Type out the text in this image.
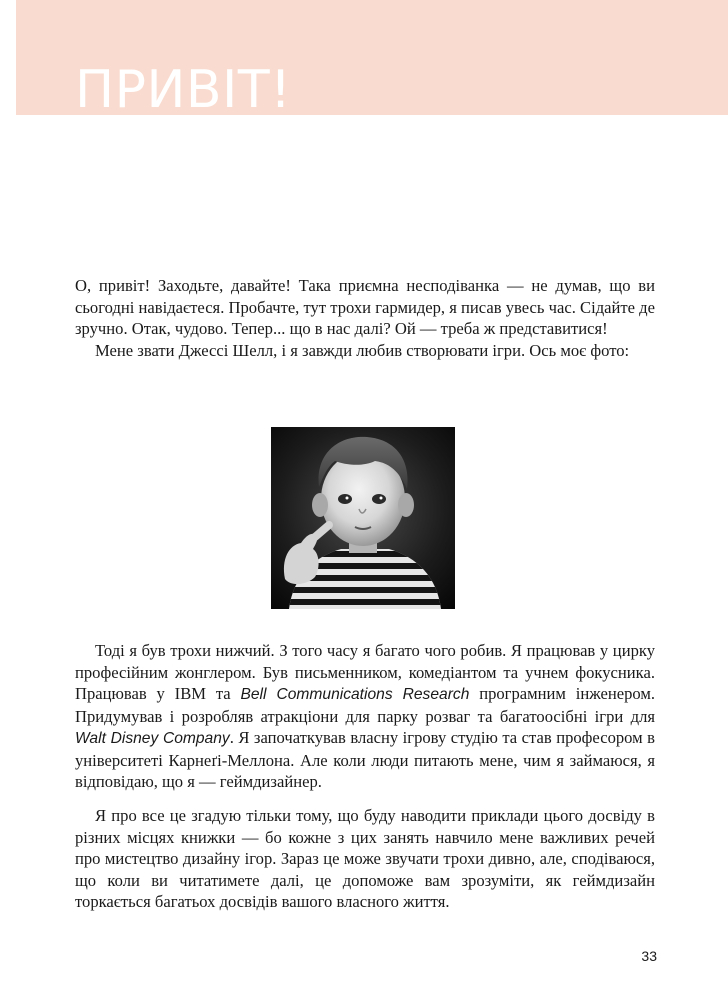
ПРИВІТ!

О, привіт! Заходьте, давайте! Така приємна несподіванка — не думав, що ви сьогодні навідаєтеся. Пробачте, тут трохи гармидер, я писав увесь час. Сідайте де зручно. Отак, чудово. Тепер... що в нас далі? Ой — треба ж представитися!

Мене звати Джессі Шелл, і я завжди любив створювати ігри. Ось моє фото:

Тоді я був трохи нижчий. З того часу я багато чого робив. Я працював у цирку професійним жонглером. Був письменником, комедіантом та учнем фокусника. Працював у IBM та Bell Communications Research програмним інженером. Придумував і розробляв атракціони для парку розваг та багатоосібні ігри для Walt Disney Company. Я започаткував власну ігрову студію та став професором в університеті Карнеґі-Меллона. Але коли люди питають мене, чим я займаюся, я відповідаю, що я — геймдизайнер.

Я про все це згадую тільки тому, що буду наводити приклади цього досвіду в різних місцях книжки — бо кожне з цих занять навчило мене важливих речей про мистецтво дизайну ігор. Зараз це може звучати трохи дивно, але, сподіваюся, що коли ви читатимете далі, це допоможе вам зрозуміти, як геймдизайн торкається багатьох досвідів вашого власного життя.

33
